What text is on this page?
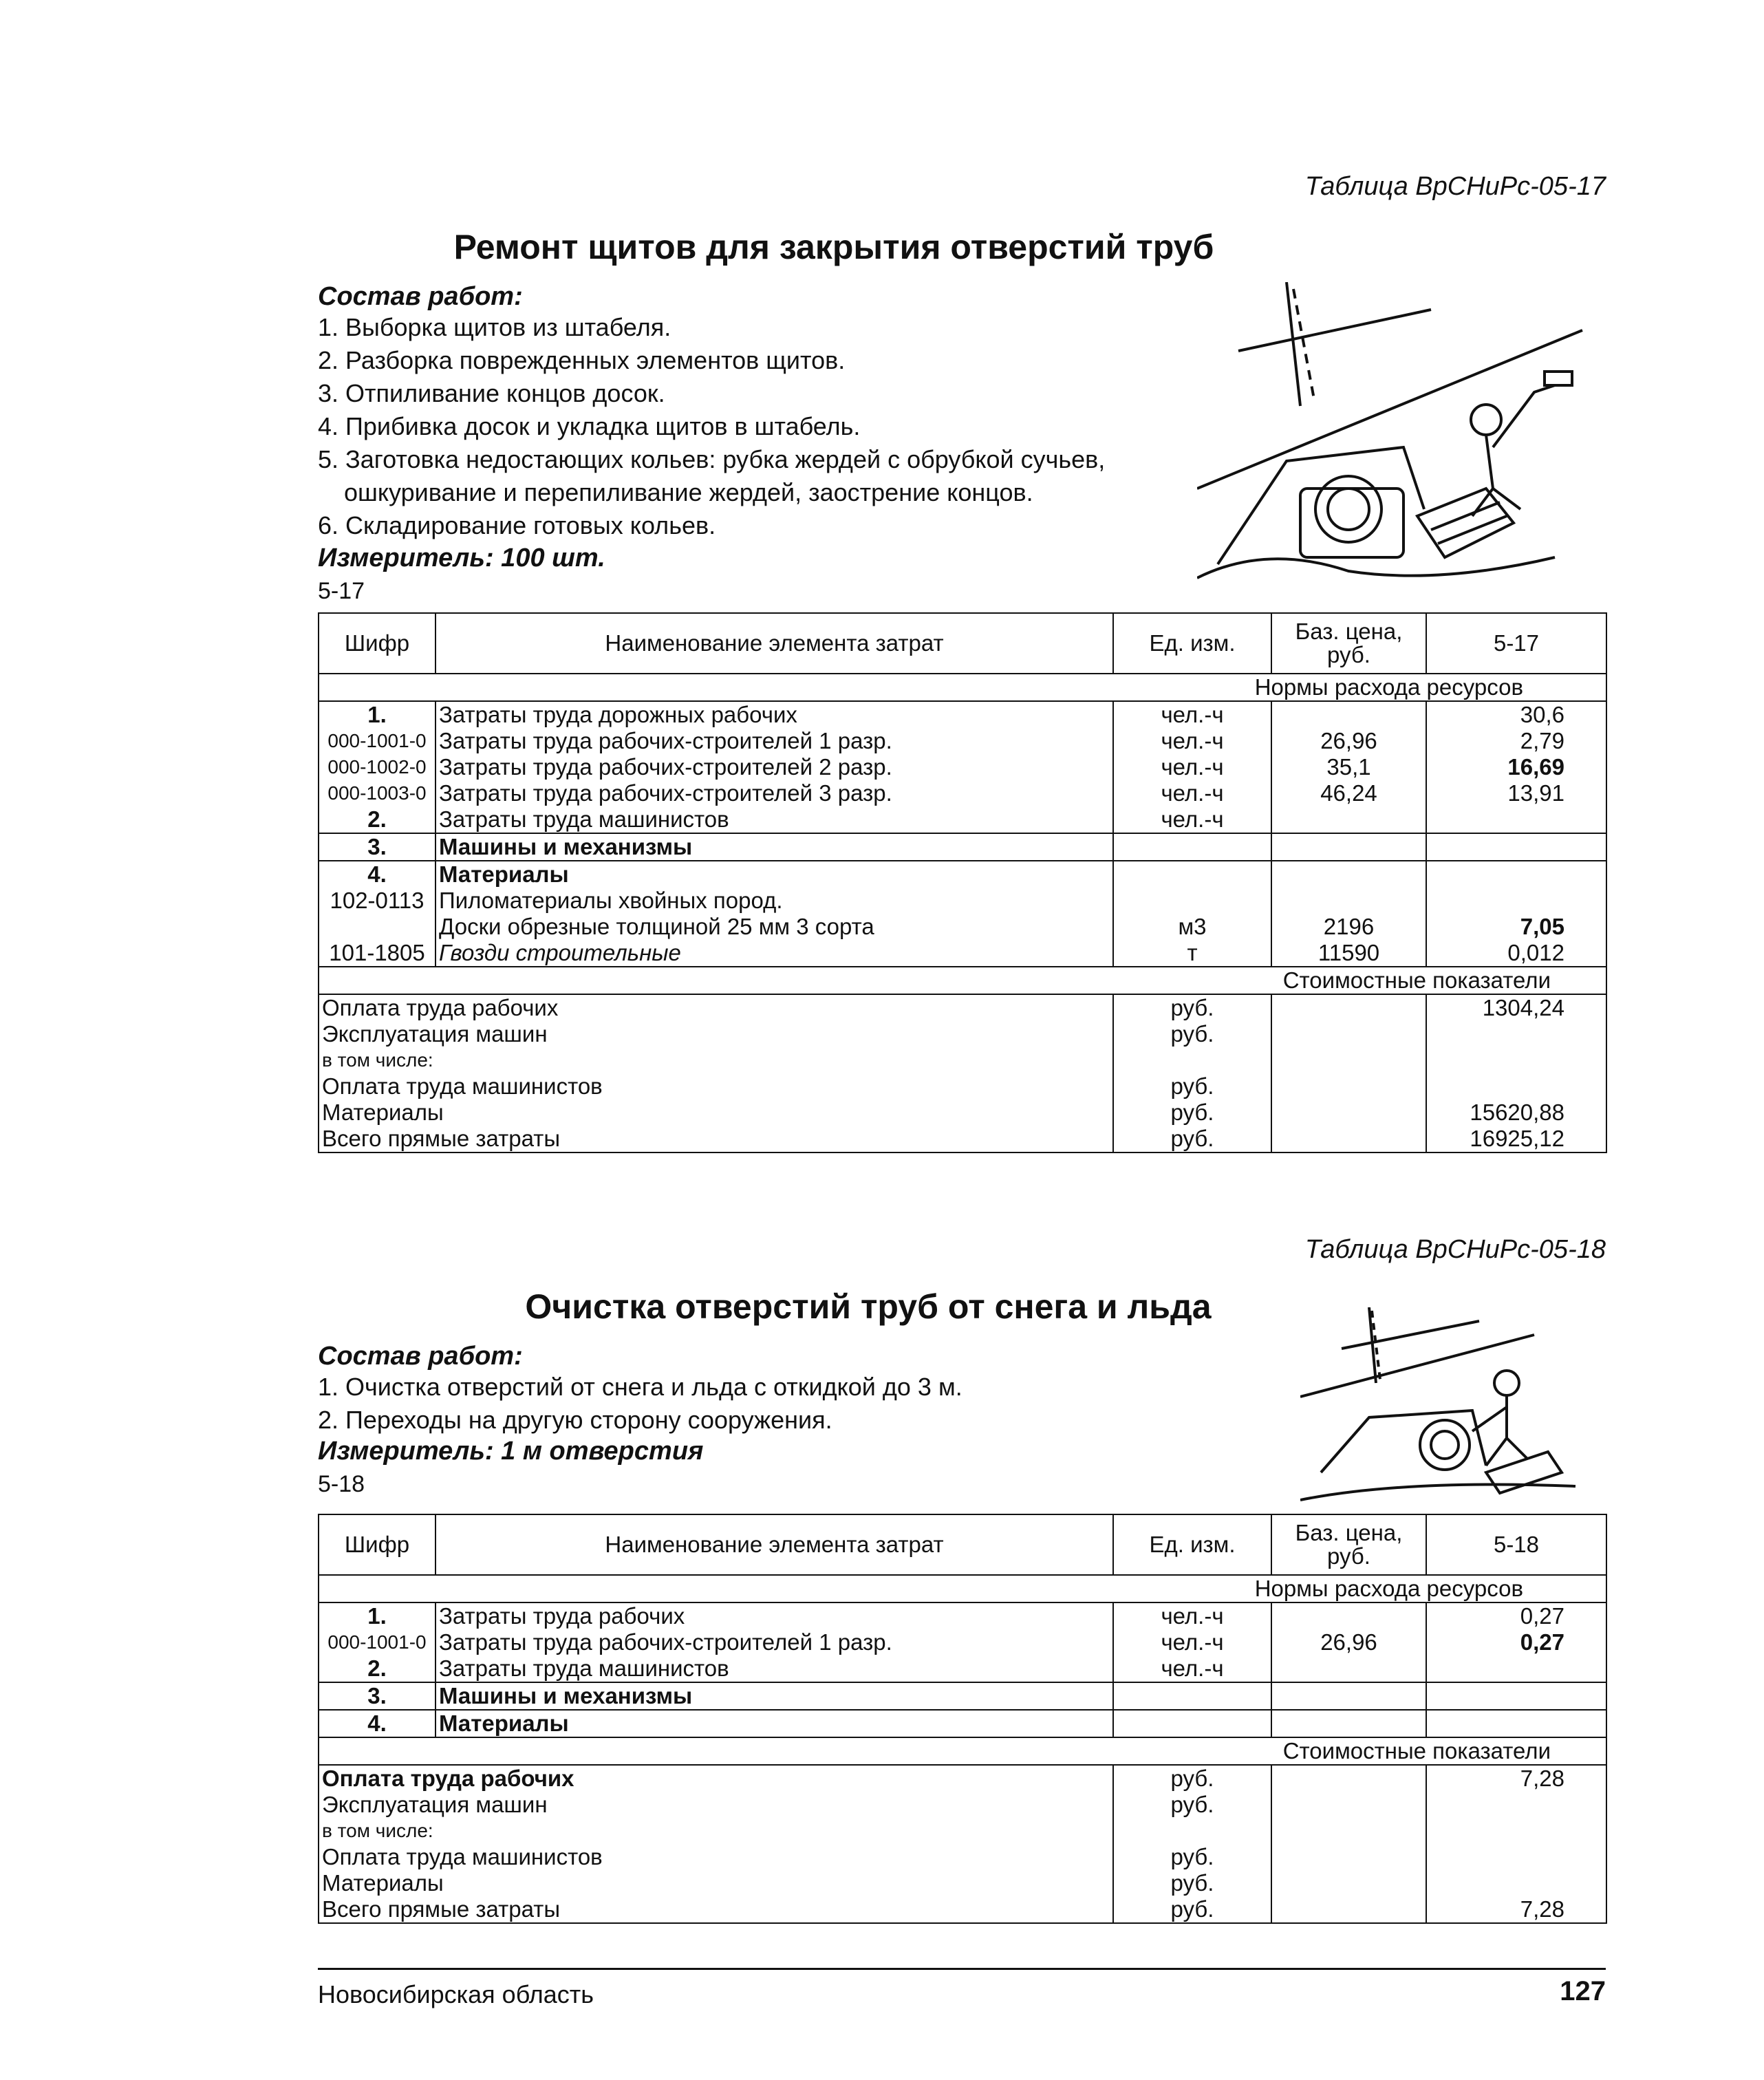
Таблица ВрСНиРс-05-17
Ремонт щитов для закрытия отверстий труб
Состав работ:
1. Выборка щитов из штабеля.
2. Разборка поврежденных элементов щитов.
3. Отпиливание концов досок.
4. Прибивка досок и укладка щитов в штабель.
5. Заготовка недостающих кольев: рубка жердей с обрубкой сучьев,
ошкуривание и перепиливание жердей, заострение концов.
6. Складирование готовых кольев.
Измеритель: 100 шт.
5-17
Шифр	Наименование элемента затрат	Ед. изм.	Баз. цена, руб.	5-17
Нормы расхода ресурсов				
1.	Затраты труда дорожных рабочих	чел.-ч		30,6
000-1001-0	Затраты труда рабочих-строителей 1 разр.	чел.-ч	26,96	2,79
000-1002-0	Затраты труда рабочих-строителей 2 разр.	чел.-ч	35,1	16,69
000-1003-0	Затраты труда рабочих-строителей 3 разр.	чел.-ч	46,24	13,91
2.	Затраты труда машинистов	чел.-ч		
3.	Машины и механизмы			
4.	Материалы			
102-0113	Пиломатериалы хвойных пород.			
	Доски обрезные толщиной 25 мм 3 сорта	м3	2196	7,05
101-1805	Гвозди строительные	т	11590	0,012
Стоимостные показатели				
Оплата труда рабочих		руб.		1304,24
Эксплуатация машин		руб.		
в том числе:				
Оплата труда машинистов		руб.		
Материалы		руб.		15620,88
Всего прямые затраты		руб.		16925,12
Таблица ВрСНиРс-05-18
Очистка отверстий труб от снега и льда
Состав работ:
1. Очистка отверстий от снега и льда с откидкой до 3 м.
2. Переходы на другую сторону сооружения.
Измеритель: 1 м отверстия
5-18
Шифр	Наименование элемента затрат	Ед. изм.	Баз. цена, руб.	5-18
Нормы расхода ресурсов				
1.	Затраты труда рабочих	чел.-ч		0,27
000-1001-0	Затраты труда рабочих-строителей 1 разр.	чел.-ч	26,96	0,27
2.	Затраты труда машинистов	чел.-ч		
3.	Машины и механизмы			
4.	Материалы			
Стоимостные показатели				
Оплата труда рабочих		руб.		7,28
Эксплуатация машин		руб.		
в том числе:				
Оплата труда машинистов		руб.		
Материалы		руб.		
Всего прямые затраты		руб.		7,28
Новосибирская область	127
